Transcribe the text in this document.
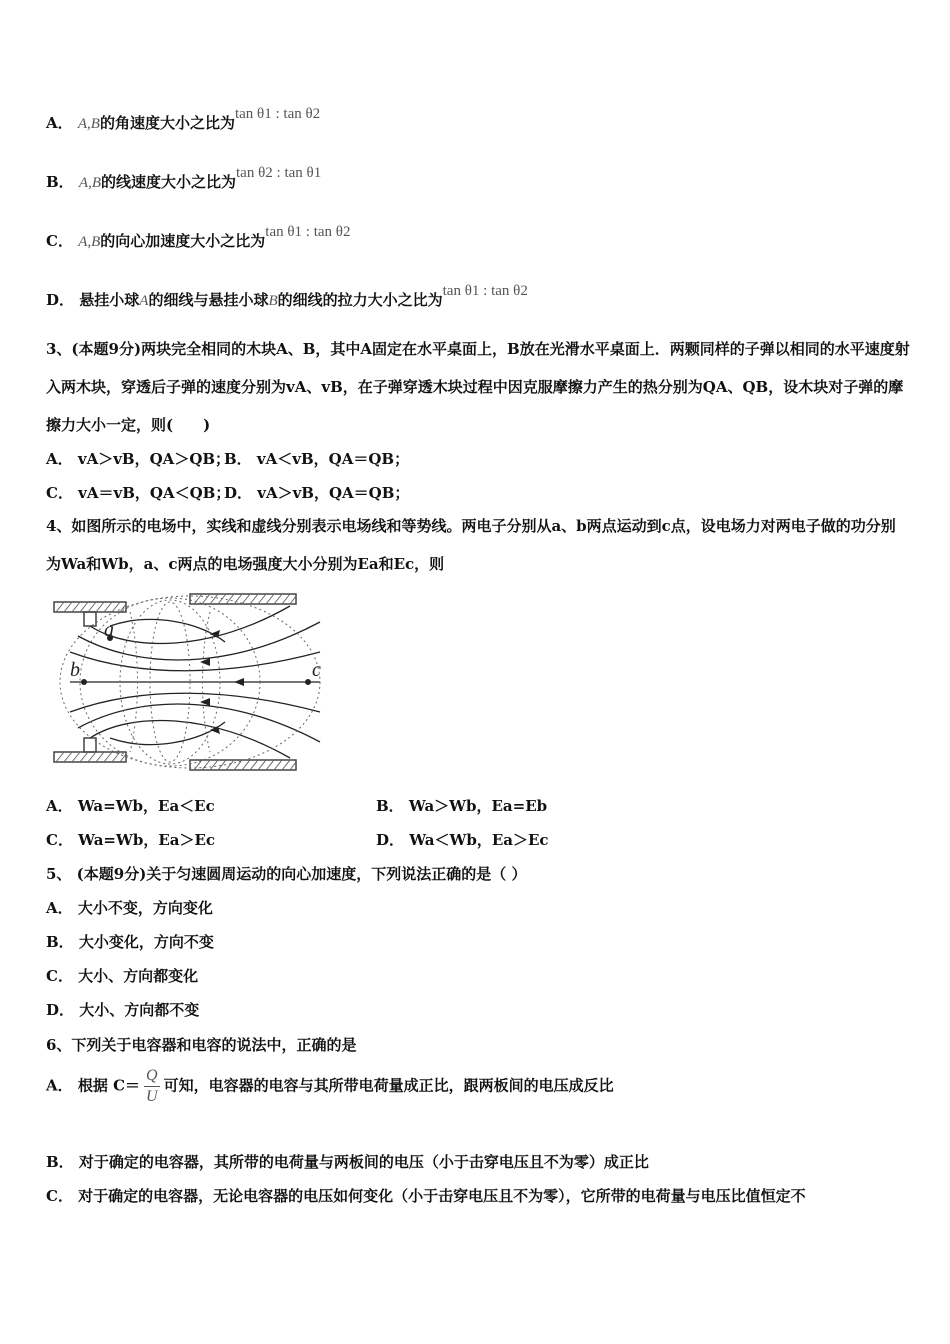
A． A,B的角速度大小之比为tan θ1 : tan θ2
B． A,B的线速度大小之比为tan θ2 : tan θ1
C． A,B的向心加速度大小之比为tan θ1 : tan θ2
D． 悬挂小球A的细线与悬挂小球B的细线的拉力大小之比为tan θ1 : tan θ2
3、(本题9分)两块完全相同的木块A、B，其中A固定在水平桌面上，B放在光滑水平桌面上．两颗同样的子弹以相同的水平速度射入两木块，穿透后子弹的速度分别为vA、vB，在子弹穿透木块过程中因克服摩擦力产生的热分别为QA、QB，设木块对子弹的摩擦力大小一定，则(　　)
A． vA＞vB，QA＞QB；
B． vA＜vB，QA＝QB；
C． vA＝vB，QA＜QB；
D． vA＞vB，QA＝QB；
4、如图所示的电场中，实线和虚线分别表示电场线和等势线。两电子分别从a、b两点运动到c点，设电场力对两电子做的功分别为Wa和Wb，a、c两点的电场强度大小分别为Ea和Ec，则
a
b	c
A． Wa=Wb，Ea＜Ec	B． Wa＞Wb，Ea=Eb
C． Wa=Wb，Ea＞Ec	D． Wa＜Wb，Ea＞Ec
5、 (本题9分)关于匀速圆周运动的向心加速度，下列说法正确的是（ ）
A． 大小不变，方向变化
B． 大小变化，方向不变
C． 大小、方向都变化
D． 大小、方向都不变
6、下列关于电容器和电容的说法中，正确的是
A． 根据 $C= \frac{Q}{U}$ 可知，电容器的电容与其所带电荷量成正比，跟两板间的电压成反比
B． 对于确定的电容器，其所带的电荷量与两板间的电压（小于击穿电压且不为零）成正比
C． 对于确定的电容器，无论电容器的电压如何变化（小于击穿电压且不为零），它所带的电荷量与电压比值恒定不
